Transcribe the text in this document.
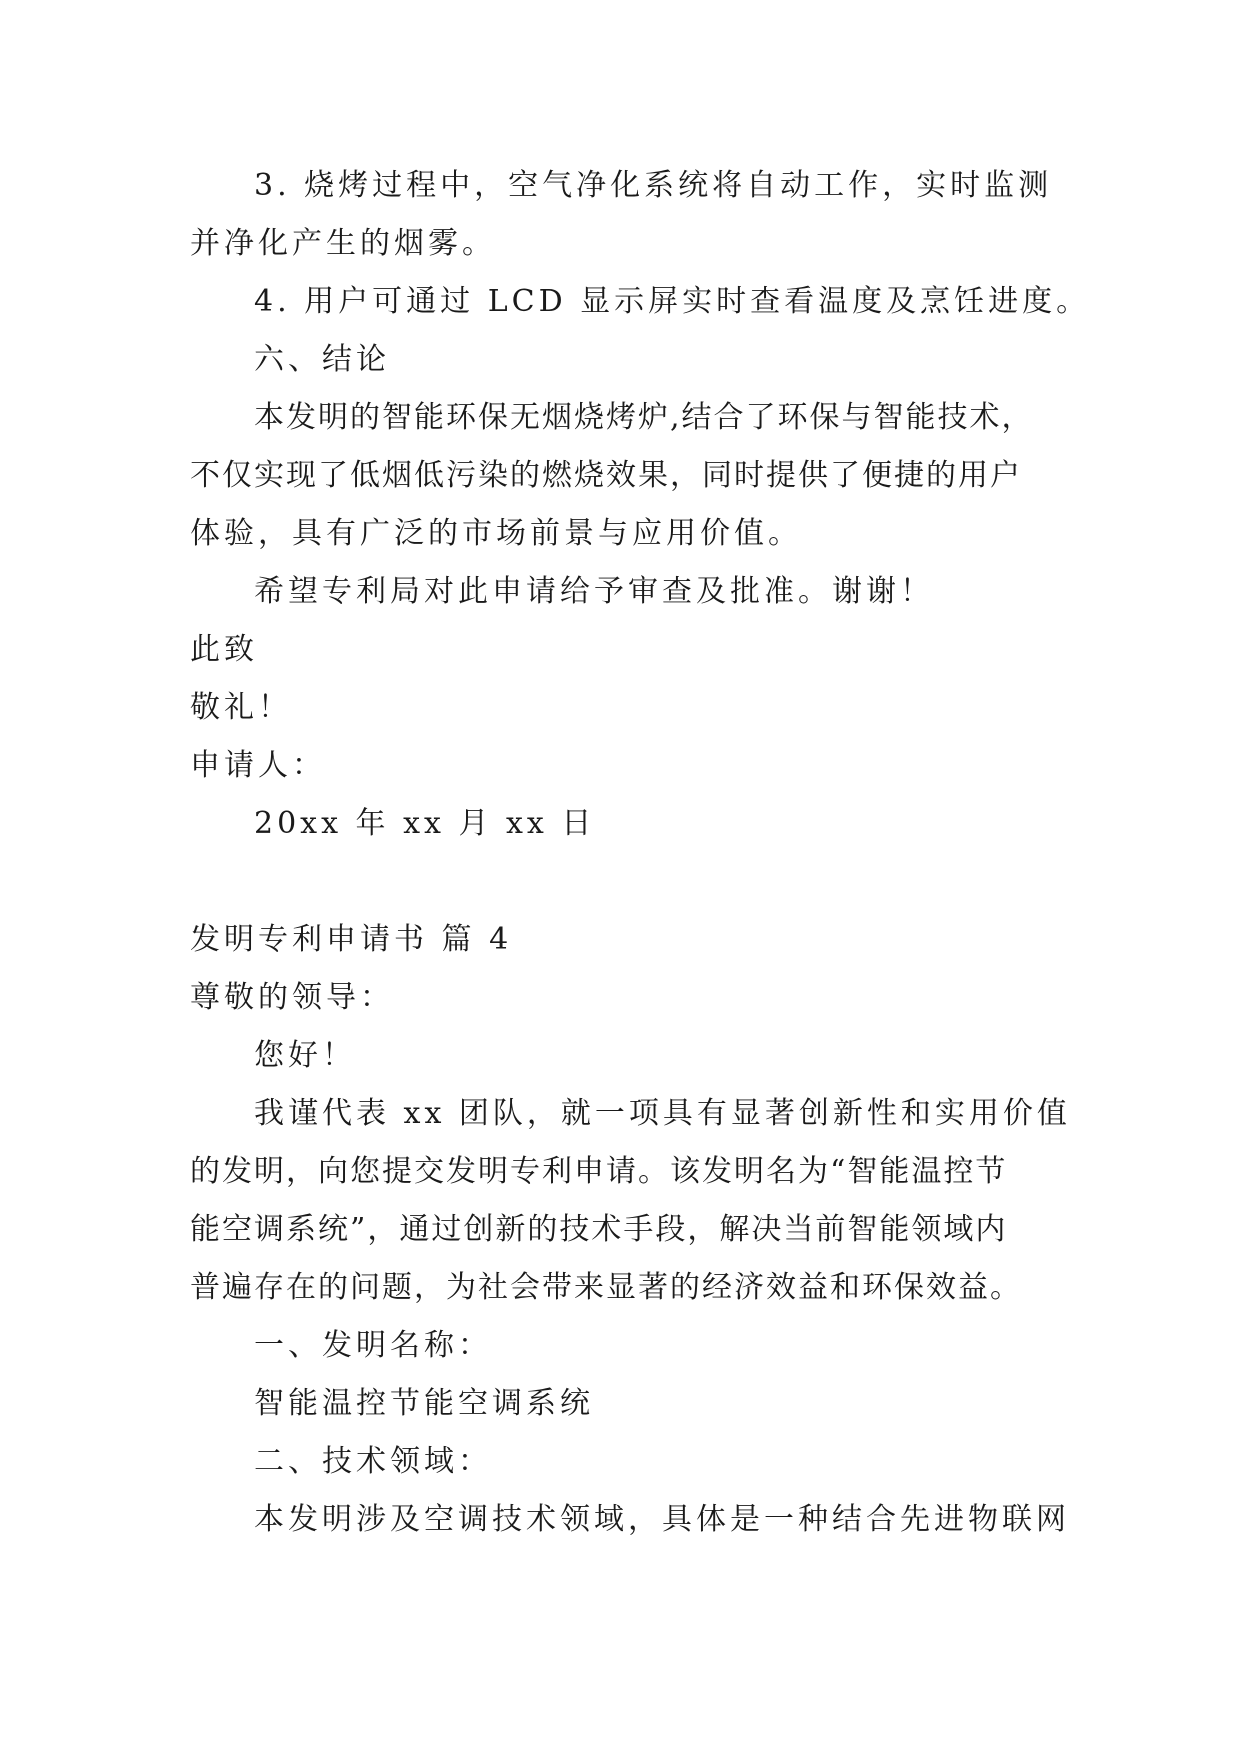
3. 烧烤过程中，空气净化系统将自动工作，实时监测
并净化产生的烟雾。
4. 用户可通过 LCD 显示屏实时查看温度及烹饪进度。
六、结论
本发明的智能环保无烟烧烤炉,结合了环保与智能技术，
不仅实现了低烟低污染的燃烧效果，同时提供了便捷的用户
体验，具有广泛的市场前景与应用价值。
希望专利局对此申请给予审查及批准。谢谢！
此致
敬礼！
申请人：
20xx 年 xx 月 xx 日
发明专利申请书 篇 4
尊敬的领导：
您好！
我谨代表 xx 团队，就一项具有显著创新性和实用价值
的发明，向您提交发明专利申请。该发明名为“智能温控节
能空调系统”，通过创新的技术手段，解决当前智能领域内
普遍存在的问题，为社会带来显著的经济效益和环保效益。
一、发明名称：
智能温控节能空调系统
二、技术领域：
本发明涉及空调技术领域，具体是一种结合先进物联网
